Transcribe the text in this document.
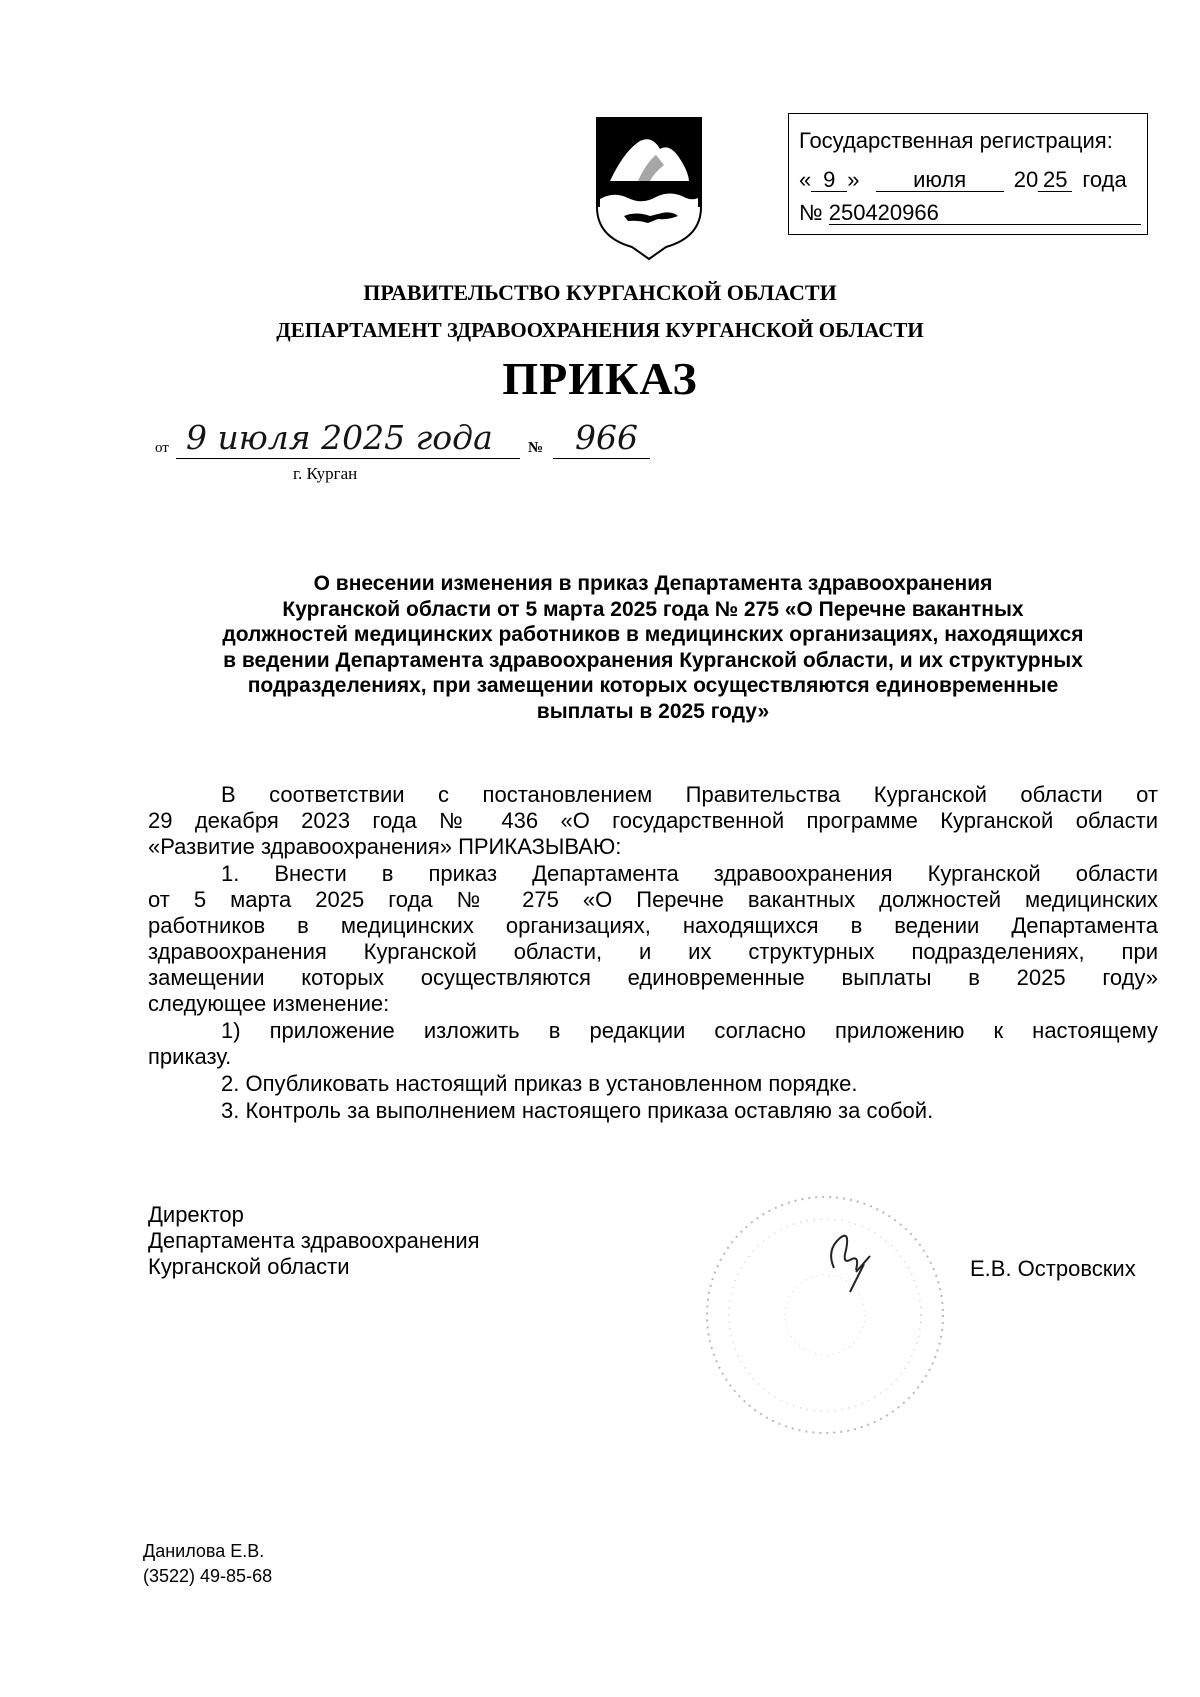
Государственная регистрация:
« 9 » июля 20 25 года
№ 250420966
ПРАВИТЕЛЬСТВО КУРГАНСКОЙ ОБЛАСТИ
ДЕПАРТАМЕНТ ЗДРАВООХРАНЕНИЯ КУРГАНСКОЙ ОБЛАСТИ
ПРИКАЗ
от 9 июля 2025 года № 966
г. Курган
О внесении изменения в приказ Департамента здравоохранения
Курганской области от 5 марта 2025 года № 275 «О Перечне вакантных
должностей медицинских работников в медицинских организациях, находящихся
в ведении Департамента здравоохранения Курганской области, и их структурных
подразделениях, при замещении которых осуществляются единовременные
выплаты в 2025 году»
В соответствии с постановлением Правительства Курганской области от
29 декабря 2023 года № 436 «О государственной программе Курганской области
«Развитие здравоохранения» ПРИКАЗЫВАЮ:
1. Внести в приказ Департамента здравоохранения Курганской области
от 5 марта 2025 года № 275 «О Перечне вакантных должностей медицинских
работников в медицинских организациях, находящихся в ведении Департамента
здравоохранения Курганской области, и их структурных подразделениях, при
замещении которых осуществляются единовременные выплаты в 2025 году»
следующее изменение:
1) приложение изложить в редакции согласно приложению к настоящему
приказу.
2. Опубликовать настоящий приказ в установленном порядке.
3. Контроль за выполнением настоящего приказа оставляю за собой.
Директор
Департамента здравоохранения
Курганской области	Е.В. Островских
Данилова Е.В.
(3522) 49-85-68
